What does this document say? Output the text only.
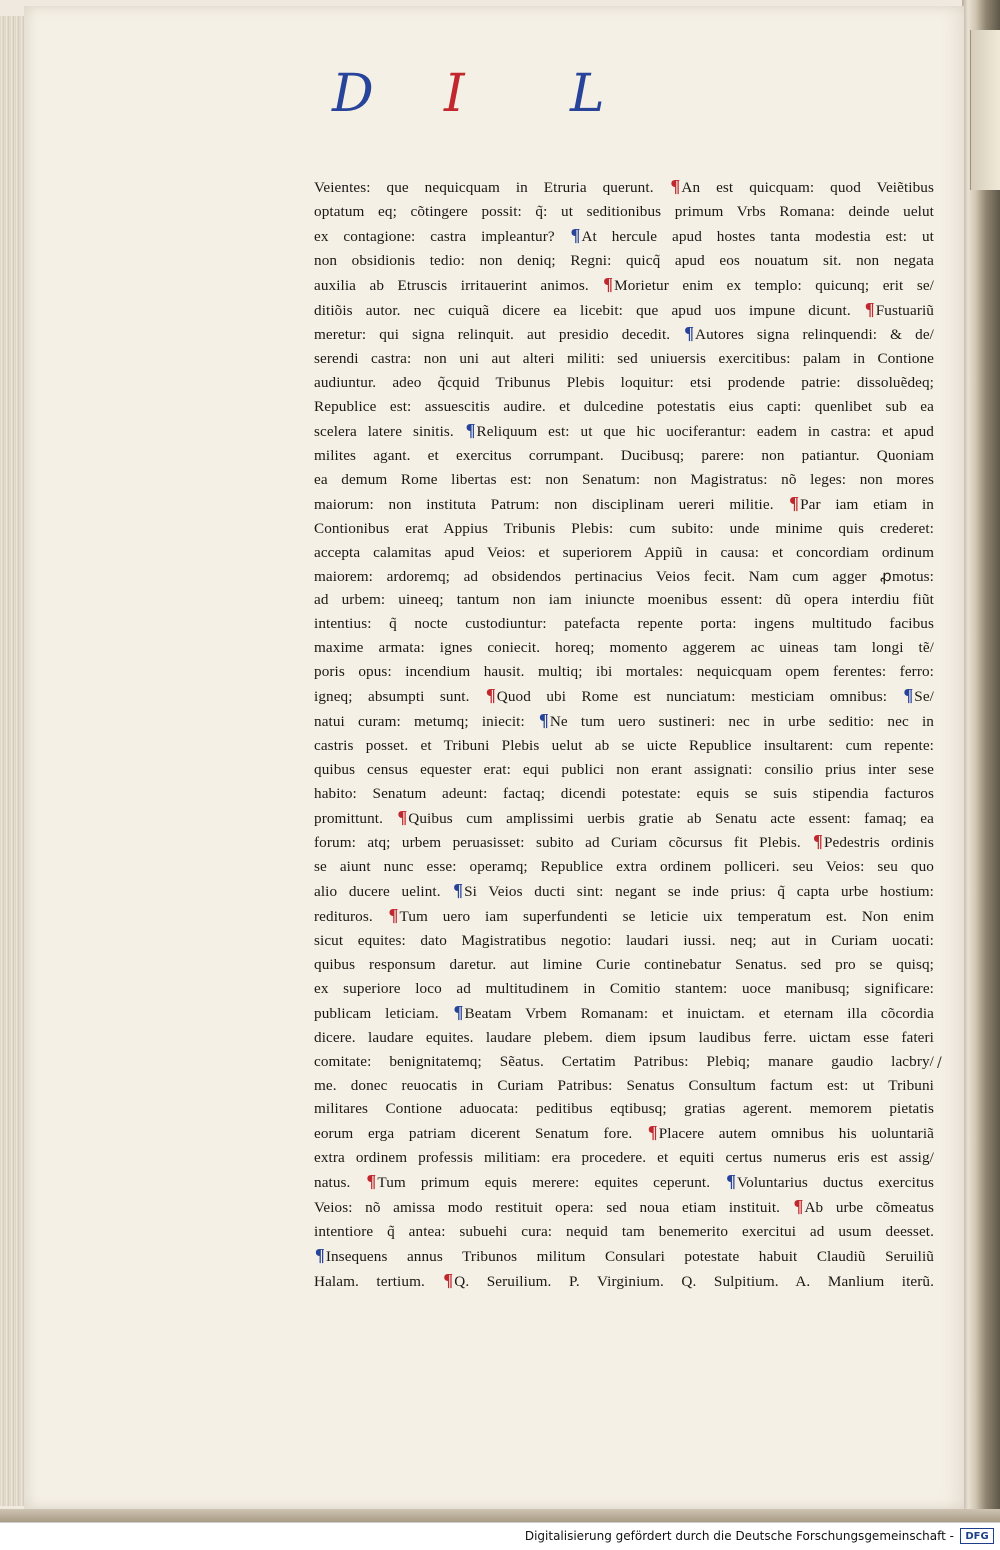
D I L
Veientes: que nequicquam in Etruria querunt. ¶An est quicquam: quod Veiẽtibus
optatum eq; cõtingere possit: q̃: ut seditionibus primum Vrbs Romana: deinde uelut
ex contagione: castra impleantur? ¶At hercule apud hostes tanta modestia est: ut
non obsidionis tedio: non deniq; Regni: quicq̃ apud eos nouatum sit. non negata
auxilia ab Etruscis irritauerint animos. ¶Morietur enim ex templo: quicunq; erit se/
ditiõis autor. nec cuiquã dicere ea licebit: que apud uos impune dicunt. ¶Fustuariũ
meretur: qui signa relinquit. aut presidio decedit. ¶Autores signa relinquendi: & de/
serendi castra: non uni aut alteri militi: sed uniuersis exercitibus: palam in Contione
audiuntur. adeo q̃cquid Tribunus Plebis loquitur: etsi prodende patrie: dissoluẽdeq;
Republice est: assuescitis audire. et dulcedine potestatis eius capti: quenlibet sub ea
scelera latere sinitis. ¶Reliquum est: ut que hic uociferantur: eadem in castra: et apud
milites agant. et exercitus corrumpant. Ducibusq; parere: non patiantur. Quoniam
ea demum Rome libertas est: non Senatum: non Magistratus: nõ leges: non mores
maiorum: non instituta Patrum: non disciplinam uereri militie. ¶Par iam etiam in
Contionibus erat Appius Tribunis Plebis: cum subito: unde minime quis crederet:
accepta calamitas apud Veios: et superiorem Appiũ in causa: et concordiam ordinum
maiorem: ardoremq; ad obsidendos pertinacius Veios fecit. Nam cum agger ꝓmotus:
ad urbem: uineeq; tantum non iam iniuncte moenibus essent: dũ opera interdiu fiũt
intentius: q̃ nocte custodiuntur: patefacta repente porta: ingens multitudo facibus
maxime armata: ignes coniecit. horeq; momento aggerem ac uineas tam longi tẽ/
poris opus: incendium hausit. multiq; ibi mortales: nequicquam opem ferentes: ferro:
igneq; absumpti sunt. ¶Quod ubi Rome est nunciatum: mesticiam omnibus: ¶Se/
natui curam: metumq; iniecit: ¶Ne tum uero sustineri: nec in urbe seditio: nec in
castris posset. et Tribuni Plebis uelut ab se uicte Republice insultarent: cum repente:
quibus census equester erat: equi publici non erant assignati: consilio prius inter sese
habito: Senatum adeunt: factaq; dicendi potestate: equis se suis stipendia facturos
promittunt. ¶Quibus cum amplissimi uerbis gratie ab Senatu acte essent: famaq; ea
forum: atq; urbem peruasisset: subito ad Curiam cõcursus fit Plebis. ¶Pedestris ordinis
se aiunt nunc esse: operamq; Republice extra ordinem polliceri. seu Veios: seu quo
alio ducere uelint. ¶Si Veios ducti sint: negant se inde prius: q̃ capta urbe hostium:
redituros. ¶Tum uero iam superfundenti se leticie uix temperatum est. Non enim
sicut equites: dato Magistratibus negotio: laudari iussi. neq; aut in Curiam uocati:
quibus responsum daretur. aut limine Curie continebatur Senatus. sed pro se quisq;
ex superiore loco ad multitudinem in Comitio stantem: uoce manibusq; significare:
publicam leticiam. ¶Beatam Vrbem Romanam: et inuictam. et eternam illa cõcordia
dicere. laudare equites. laudare plebem. diem ipsum laudibus ferre. uictam esse fateri
comitate: benignitatemq; Sẽatus. Certatim Patribus: Plebiq; manare gaudio lacbry/
me. donec reuocatis in Curiam Patribus: Senatus Consultum factum est: ut Tribuni
militares Contione aduocata: peditibus eqtibusq; gratias agerent. memorem pietatis
eorum erga patriam dicerent Senatum fore. ¶Placere autem omnibus his uoluntariã
extra ordinem professis militiam: era procedere. et equiti certus numerus eris est assig/
natus. ¶Tum primum equis merere: equites ceperunt. ¶Voluntarius ductus exercitus
Veios: nõ amissa modo restituit opera: sed noua etiam instituit. ¶Ab urbe cõmeatus
intentiore q̃ antea: subuehi cura: nequid tam benemerito exercitui ad usum deesset.
¶Insequens annus Tribunos militum Consulari potestate habuit Claudiũ Seruiliũ
Halam. tertium. ¶Q. Seruilium. P. Virginium. Q. Sulpitium. A. Manlium iterũ.
/
Digitalisierung gefördert durch die Deutsche Forschungsgemeinschaft -	DFG
